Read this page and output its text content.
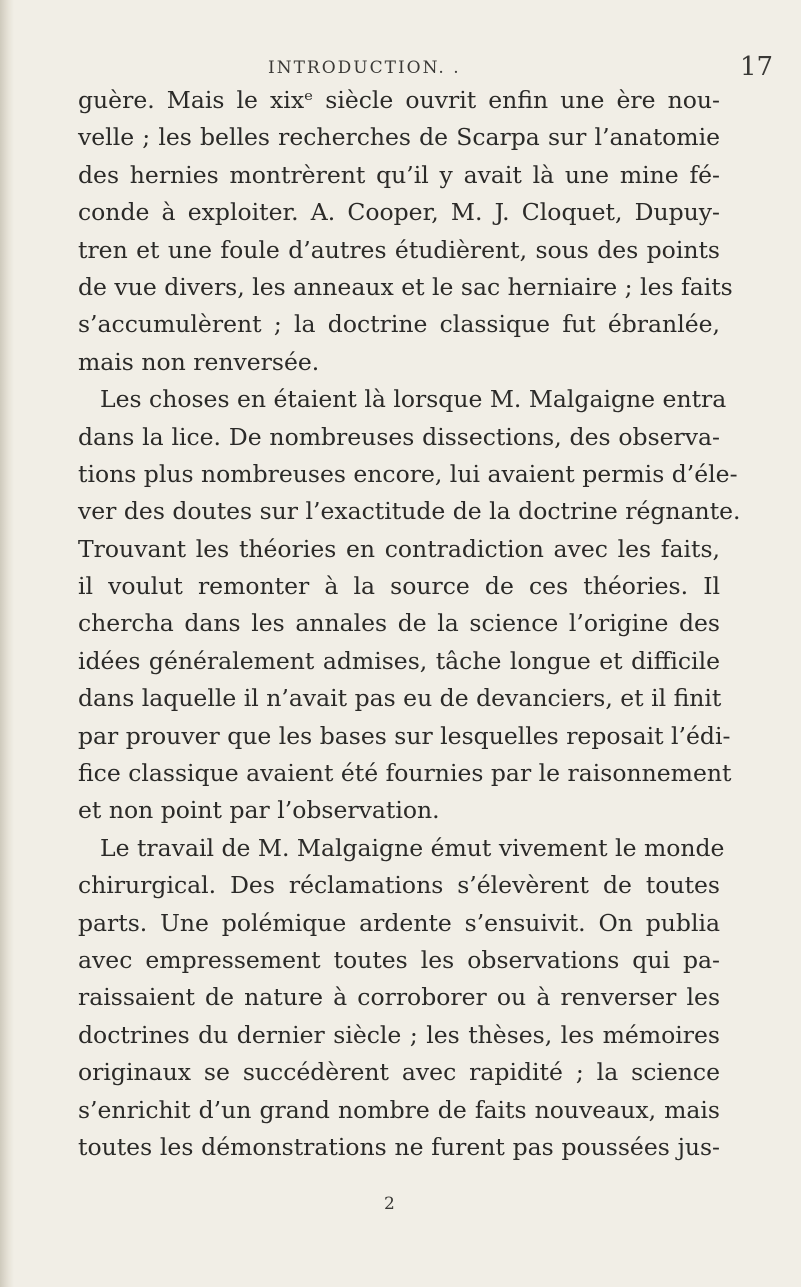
INTRODUCTION. .	17
guère. Mais le xixᵉ siècle ouvrit enfin une ère nou-
velle ; les belles recherches de Scarpa sur l’anatomie
des hernies montrèrent qu’il y avait là une mine fé-
conde à exploiter. A. Cooper, M. J. Cloquet, Dupuy-
tren et une foule d’autres étudièrent, sous des points
de vue divers, les anneaux et le sac herniaire ; les faits
s’accumulèrent ; la doctrine classique fut ébranlée,
mais non renversée.
Les choses en étaient là lorsque M. Malgaigne entra
dans la lice. De nombreuses dissections, des observa-
tions plus nombreuses encore, lui avaient permis d’éle-
ver des doutes sur l’exactitude de la doctrine régnante.
Trouvant les théories en contradiction avec les faits,
il voulut remonter à la source de ces théories. Il
chercha dans les annales de la science l’origine des
idées généralement admises, tâche longue et difficile
dans laquelle il n’avait pas eu de devanciers, et il finit
par prouver que les bases sur lesquelles reposait l’édi-
fice classique avaient été fournies par le raisonnement
et non point par l’observation.
Le travail de M. Malgaigne émut vivement le monde
chirurgical. Des réclamations s’élevèrent de toutes
parts. Une polémique ardente s’ensuivit. On publia
avec empressement toutes les observations qui pa-
raissaient de nature à corroborer ou à renverser les
doctrines du dernier siècle ; les thèses, les mémoires
originaux se succédèrent avec rapidité ; la science
s’enrichit d’un grand nombre de faits nouveaux, mais
toutes les démonstrations ne furent pas poussées jus-
2
